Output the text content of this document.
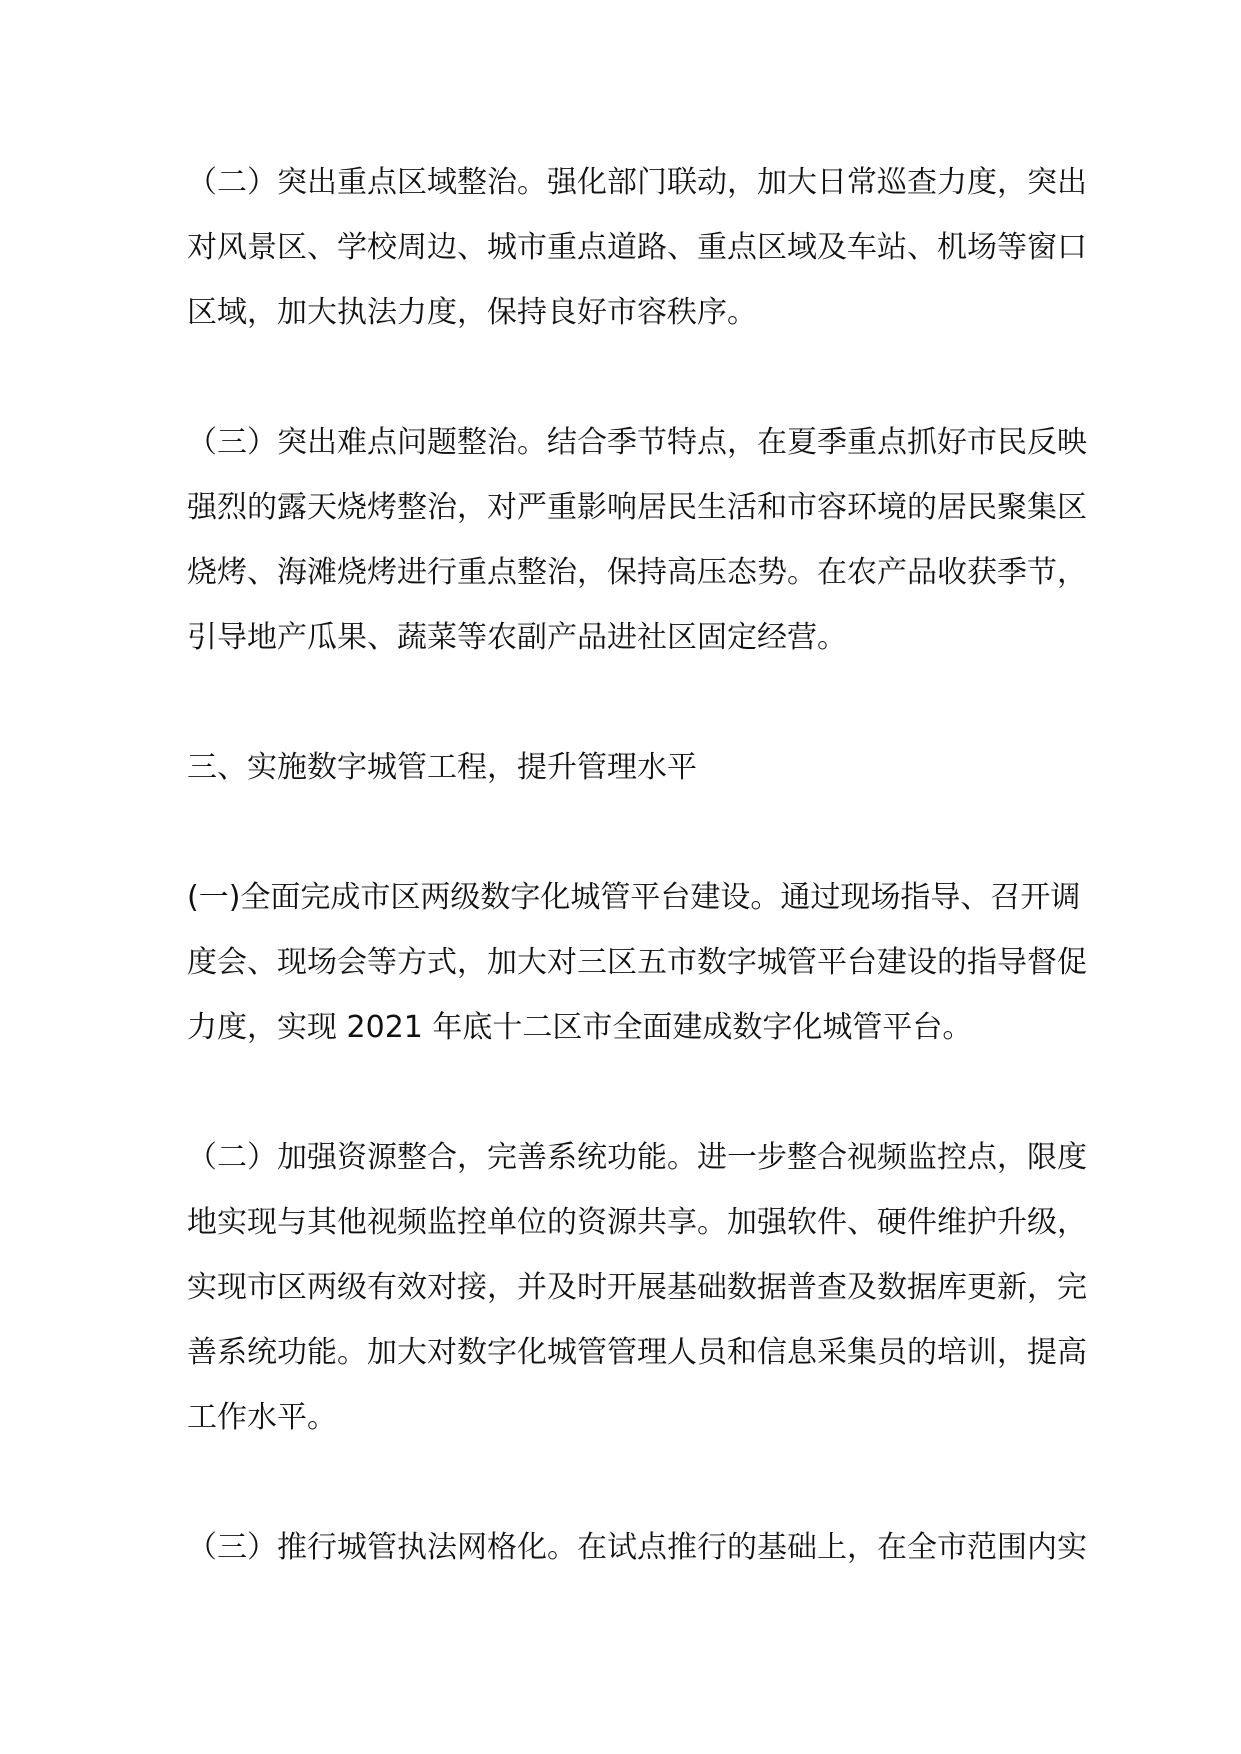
（二）突出重点区域整治。强化部门联动，加大日常巡查力度，突出
对风景区、学校周边、城市重点道路、重点区域及车站、机场等窗口
区域，加大执法力度，保持良好市容秩序。

（三）突出难点问题整治。结合季节特点，在夏季重点抓好市民反映
强烈的露天烧烤整治，对严重影响居民生活和市容环境的居民聚集区
烧烤、海滩烧烤进行重点整治，保持高压态势。在农产品收获季节，
引导地产瓜果、蔬菜等农副产品进社区固定经营。

三、实施数字城管工程，提升管理水平

(一)全面完成市区两级数字化城管平台建设。通过现场指导、召开调
度会、现场会等方式，加大对三区五市数字城管平台建设的指导督促
力度，实现 2021 年底十二区市全面建成数字化城管平台。

（二）加强资源整合，完善系统功能。进一步整合视频监控点，限度
地实现与其他视频监控单位的资源共享。加强软件、硬件维护升级，
实现市区两级有效对接，并及时开展基础数据普查及数据库更新，完
善系统功能。加大对数字化城管管理人员和信息采集员的培训，提高
工作水平。

（三）推行城管执法网格化。在试点推行的基础上，在全市范围内实
